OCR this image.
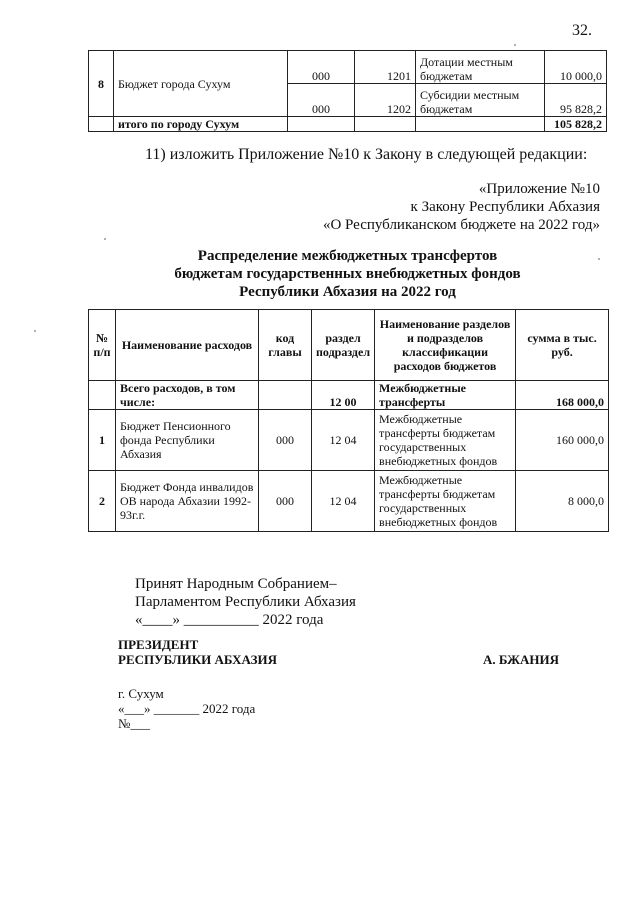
32.
8	Бюджет города Сухум	000	1201	Дотации местным бюджетам	10 000,0
		000	1202	Субсидии местным бюджетам	95 828,2
	итого по городу Сухум				105 828,2
11) изложить Приложение №10 к Закону в следующей редакции:
«Приложение №10
к Закону Республики Абхазия
«О Республиканском бюджете на 2022 год»
Распределение межбюджетных трансфертов
бюджетам государственных внебюджетных фондов
Республики Абхазия на 2022 год
№ п/п	Наименование расходов	код главы	раздел подраздел	Наименование разделов и подразделов классификации расходов бюджетов	сумма в тыс. руб.
	Всего расходов, в том числе:		12 00	Межбюджетные трансферты	168 000,0
1	Бюджет Пенсионного фонда Республики Абхазия	000	12 04	Межбюджетные трансферты бюджетам государственных внебюджетных фондов	160 000,0
2	Бюджет Фонда инвалидов ОВ народа Абхазии 1992-93г.г.	000	12 04	Межбюджетные трансферты бюджетам государственных внебюджетных фондов	8 000,0
Принят Народным Собранием–
Парламентом Республики Абхазия
«____» __________ 2022 года
ПРЕЗИДЕНТ
РЕСПУБЛИКИ АБХАЗИЯ	А. БЖАНИЯ
г. Сухум
«___» _______ 2022 года
№___
